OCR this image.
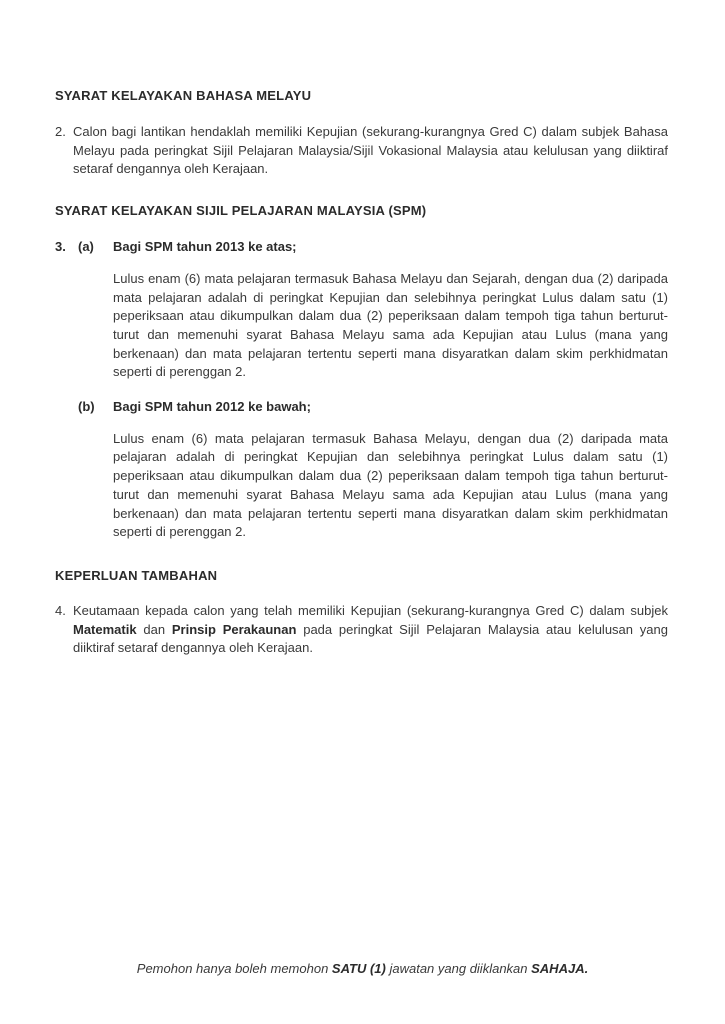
SYARAT KELAYAKAN BAHASA MELAYU
2. Calon bagi lantikan hendaklah memiliki Kepujian (sekurang-kurangnya Gred C) dalam subjek Bahasa Melayu pada peringkat Sijil Pelajaran Malaysia/Sijil Vokasional Malaysia atau kelulusan yang diiktiraf setaraf dengannya oleh Kerajaan.
SYARAT KELAYAKAN SIJIL PELAJARAN MALAYSIA (SPM)
3. (a)	Bagi SPM tahun 2013 ke atas;
Lulus enam (6) mata pelajaran termasuk Bahasa Melayu dan Sejarah, dengan dua (2) daripada mata pelajaran adalah di peringkat Kepujian dan selebihnya peringkat Lulus dalam satu (1) peperiksaan atau dikumpulkan dalam dua (2) peperiksaan dalam tempoh tiga tahun berturut-turut dan memenuhi syarat Bahasa Melayu sama ada Kepujian atau Lulus (mana yang berkenaan) dan mata pelajaran tertentu seperti mana disyaratkan dalam skim perkhidmatan seperti di perenggan 2.
(b)	Bagi SPM tahun 2012 ke bawah;
Lulus enam (6) mata pelajaran termasuk Bahasa Melayu, dengan dua (2) daripada mata pelajaran adalah di peringkat Kepujian dan selebihnya peringkat Lulus dalam satu (1) peperiksaan atau dikumpulkan dalam dua (2) peperiksaan dalam tempoh tiga tahun berturut-turut dan memenuhi syarat Bahasa Melayu sama ada Kepujian atau Lulus (mana yang berkenaan) dan mata pelajaran tertentu seperti mana disyaratkan dalam skim perkhidmatan seperti di perenggan 2.
KEPERLUAN TAMBAHAN
4. Keutamaan kepada calon yang telah memiliki Kepujian (sekurang-kurangnya Gred C) dalam subjek Matematik dan Prinsip Perakaunan pada peringkat Sijil Pelajaran Malaysia atau kelulusan yang diiktiraf setaraf dengannya oleh Kerajaan.
Pemohon hanya boleh memohon SATU (1) jawatan yang diiklankan SAHAJA.
